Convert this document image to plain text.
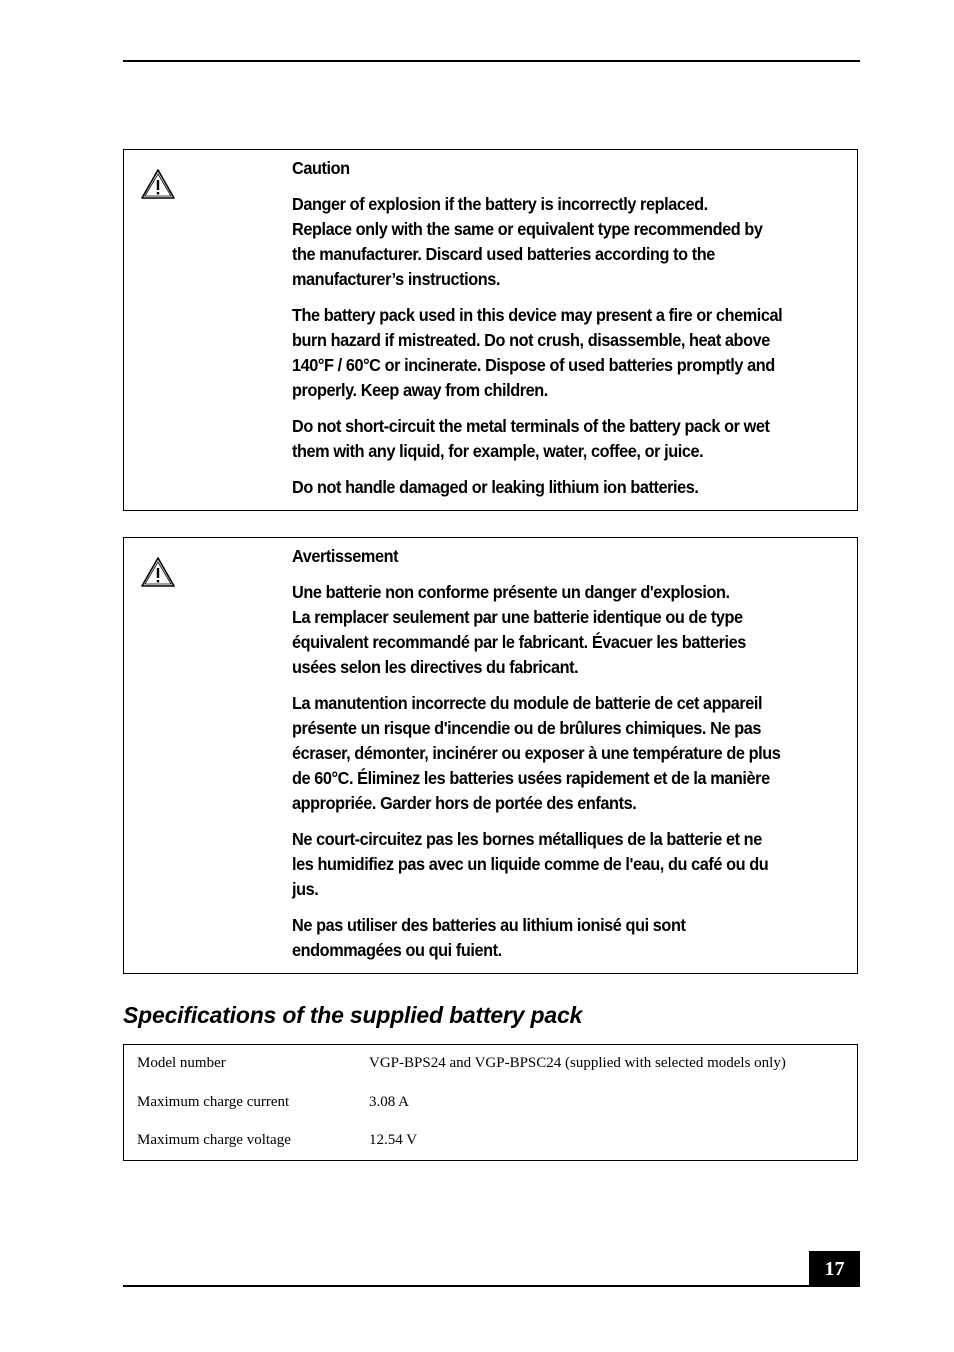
Caution

Danger of explosion if the battery is incorrectly replaced.
Replace only with the same or equivalent type recommended by
the manufacturer. Discard used batteries according to the
manufacturer’s instructions.

The battery pack used in this device may present a fire or chemical
burn hazard if mistreated. Do not crush, disassemble, heat above
140°F / 60°C or incinerate. Dispose of used batteries promptly and
properly. Keep away from children.

Do not short-circuit the metal terminals of the battery pack or wet
them with any liquid, for example, water, coffee, or juice.

Do not handle damaged or leaking lithium ion batteries.

Avertissement

Une batterie non conforme présente un danger d'explosion.
La remplacer seulement par une batterie identique ou de type
équivalent recommandé par le fabricant. Évacuer les batteries
usées selon les directives du fabricant.

La manutention incorrecte du module de batterie de cet appareil
présente un risque d'incendie ou de brûlures chimiques. Ne pas
écraser, démonter, incinérer ou exposer à une température de plus
de 60°C. Éliminez les batteries usées rapidement et de la manière
appropriée. Garder hors de portée des enfants.

Ne court-circuitez pas les bornes métalliques de la batterie et ne
les humidifiez pas avec un liquide comme de l'eau, du café ou du
jus.

Ne pas utiliser des batteries au lithium ionisé qui sont
endommagées ou qui fuient.

Specifications of the supplied battery pack
Model number	VGP-BPS24 and VGP-BPSC24 (supplied with selected models only)
Maximum charge current	3.08 A
Maximum charge voltage	12.54 V
17
